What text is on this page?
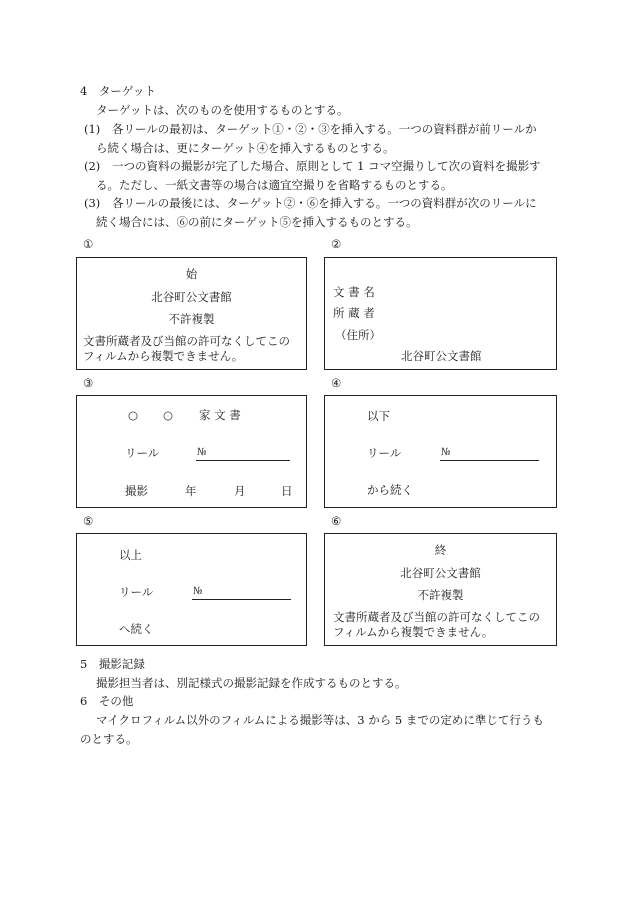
4　ターゲット
ターゲットは、次のものを使用するものとする。
(1) 各リールの最初は、ターゲット①・②・③を挿入する。一つの資料群が前リールか
ら続く場合は、更にターゲット④を挿入するものとする。
(2) 一つの資料の撮影が完了した場合、原則として 1 コマ空撮りして次の資料を撮影す
る。ただし、一紙文書等の場合は適宜空撮りを省略するものとする。
(3) 各リールの最後には、ターゲット②・⑥を挿入する。一つの資料群が次のリールに
続く場合には、⑥の前にターゲット⑤を挿入するものとする。
①
始
北谷町公文書館
不許複製
文書所蔵者及び当館の許可なくしてこの
フィルムから複製できません。
②
文 書 名
所 蔵 者
（住所）
北谷町公文書館
③
○ ○ 家 文 書
リール	№
撮影	年	月	日
④
以下
リール	№
から続く
⑤
以上
リール	№
へ続く
⑥
終
北谷町公文書館
不許複製
文書所蔵者及び当館の許可なくしてこの
フィルムから複製できません。
5　撮影記録
撮影担当者は、別記様式の撮影記録を作成するものとする。
6　その他
マイクロフィルム以外のフィルムによる撮影等は、3 から 5 までの定めに準じて行うも
のとする。
